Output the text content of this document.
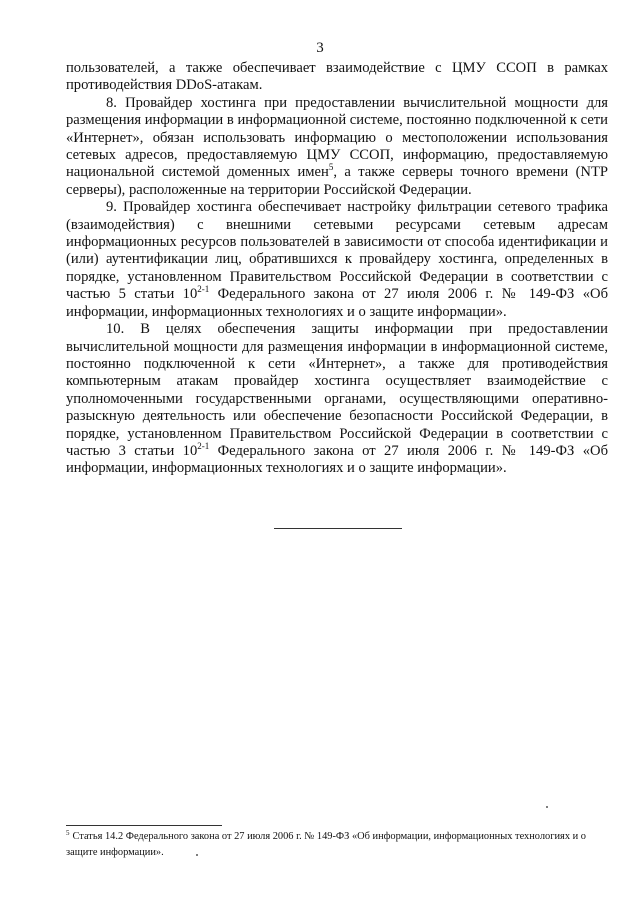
3

пользователей, а также обеспечивает взаимодействие с ЦМУ ССОП в рамках противодействия DDoS-атакам.

8. Провайдер хостинга при предоставлении вычислительной мощности для размещения информации в информационной системе, постоянно подключенной к сети «Интернет», обязан использовать информацию о местоположении использования сетевых адресов, предоставляемую ЦМУ ССОП, информацию, предоставляемую национальной системой доменных имен$^5$, а также серверы точного времени (NTP серверы), расположенные на территории Российской Федерации.

9. Провайдер хостинга обеспечивает настройку фильтрации сетевого трафика (взаимодействия) с внешними сетевыми ресурсами сетевым адресам информационных ресурсов пользователей в зависимости от способа идентификации и (или) аутентификации лиц, обратившихся к провайдеру хостинга, определенных в порядке, установленном Правительством Российской Федерации в соответствии с частью 5 статьи 10$^{2-1}$ Федерального закона от 27 июля 2006 г. № 149-ФЗ «Об информации, информационных технологиях и о защите информации».

10. В целях обеспечения защиты информации при предоставлении вычислительной мощности для размещения информации в информационной системе, постоянно подключенной к сети «Интернет», а также для противодействия компьютерным атакам провайдер хостинга осуществляет взаимодействие с уполномоченными государственными органами, осуществляющими оперативно-разыскную деятельность или обеспечение безопасности Российской Федерации, в порядке, установленном Правительством Российской Федерации в соответствии с частью 3 статьи 10$^{2-1}$ Федерального закона от 27 июля 2006 г. № 149-ФЗ «Об информации, информационных технологиях и о защите информации».

$^5$ Статья 14.2 Федерального закона от 27 июля 2006 г. № 149-ФЗ «Об информации, информационных технологиях и о защите информации».
